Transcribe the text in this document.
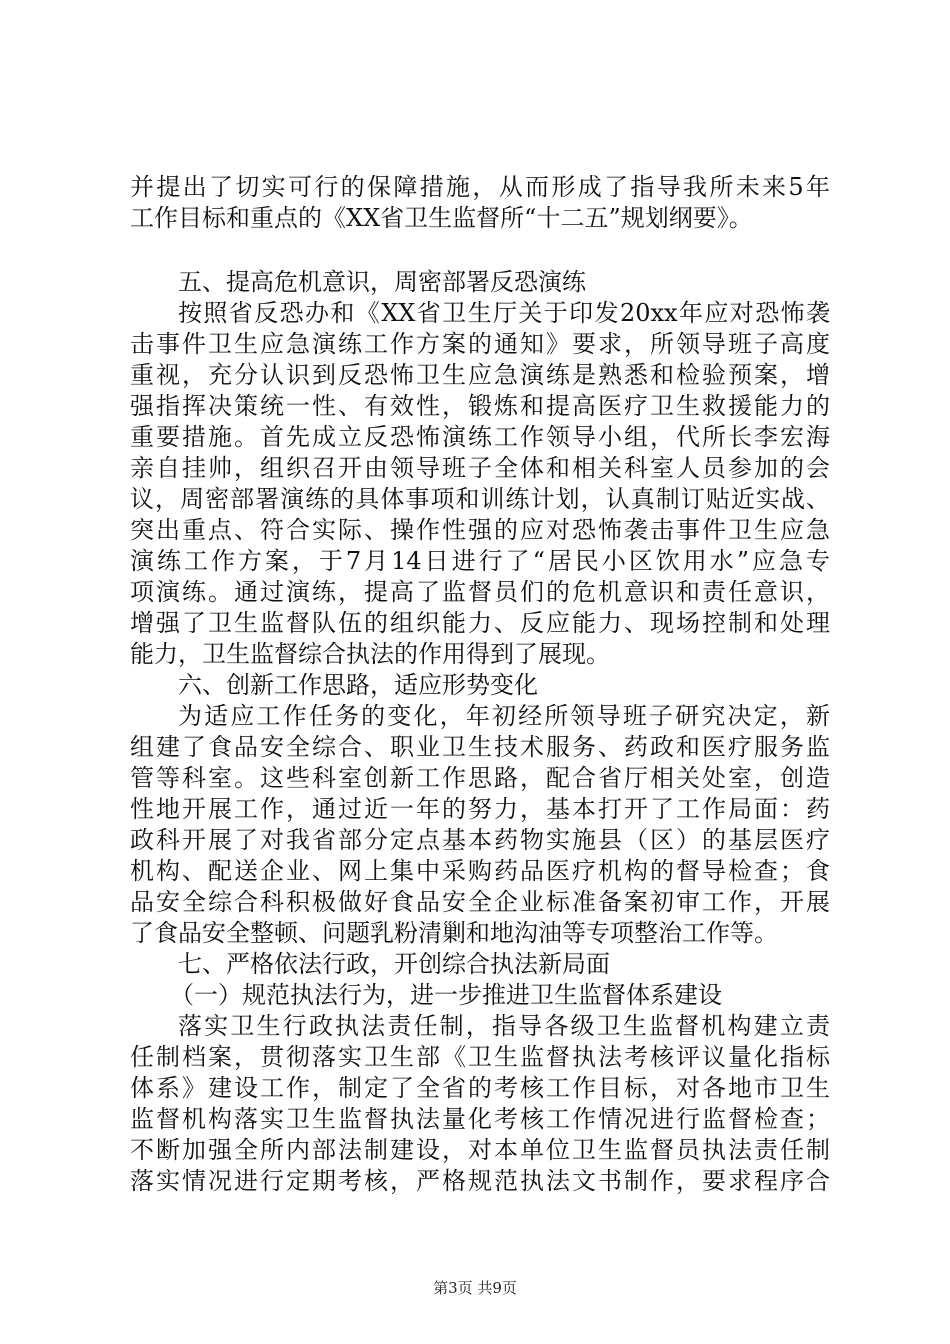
并提出了切实可行的保障措施，从而形成了指导我所未来5年
工作目标和重点的《XX省卫生监督所“十二五”规划纲要》。
五、提高危机意识，周密部署反恐演练
按照省反恐办和《XX省卫生厅关于印发20xx年应对恐怖袭
击事件卫生应急演练工作方案的通知》要求，所领导班子高度
重视，充分认识到反恐怖卫生应急演练是熟悉和检验预案，增
强指挥决策统一性、有效性，锻炼和提高医疗卫生救援能力的
重要措施。首先成立反恐怖演练工作领导小组，代所长李宏海
亲自挂帅，组织召开由领导班子全体和相关科室人员参加的会
议，周密部署演练的具体事项和训练计划，认真制订贴近实战、
突出重点、符合实际、操作性强的应对恐怖袭击事件卫生应急
演练工作方案，于7月14日进行了“居民小区饮用水”应急专
项演练。通过演练，提高了监督员们的危机意识和责任意识，
增强了卫生监督队伍的组织能力、反应能力、现场控制和处理
能力，卫生监督综合执法的作用得到了展现。
六、创新工作思路，适应形势变化
为适应工作任务的变化，年初经所领导班子研究决定，新
组建了食品安全综合、职业卫生技术服务、药政和医疗服务监
管等科室。这些科室创新工作思路，配合省厅相关处室，创造
性地开展工作，通过近一年的努力，基本打开了工作局面：药
政科开展了对我省部分定点基本药物实施县（区）的基层医疗
机构、配送企业、网上集中采购药品医疗机构的督导检查；食
品安全综合科积极做好食品安全企业标准备案初审工作，开展
了食品安全整顿、问题乳粉清剿和地沟油等专项整治工作等。
七、严格依法行政，开创综合执法新局面
（一）规范执法行为，进一步推进卫生监督体系建设
落实卫生行政执法责任制，指导各级卫生监督机构建立责
任制档案，贯彻落实卫生部《卫生监督执法考核评议量化指标
体系》建设工作，制定了全省的考核工作目标，对各地市卫生
监督机构落实卫生监督执法量化考核工作情况进行监督检查；
不断加强全所内部法制建设，对本单位卫生监督员执法责任制
落实情况进行定期考核，严格规范执法文书制作，要求程序合
第3页 共9页
